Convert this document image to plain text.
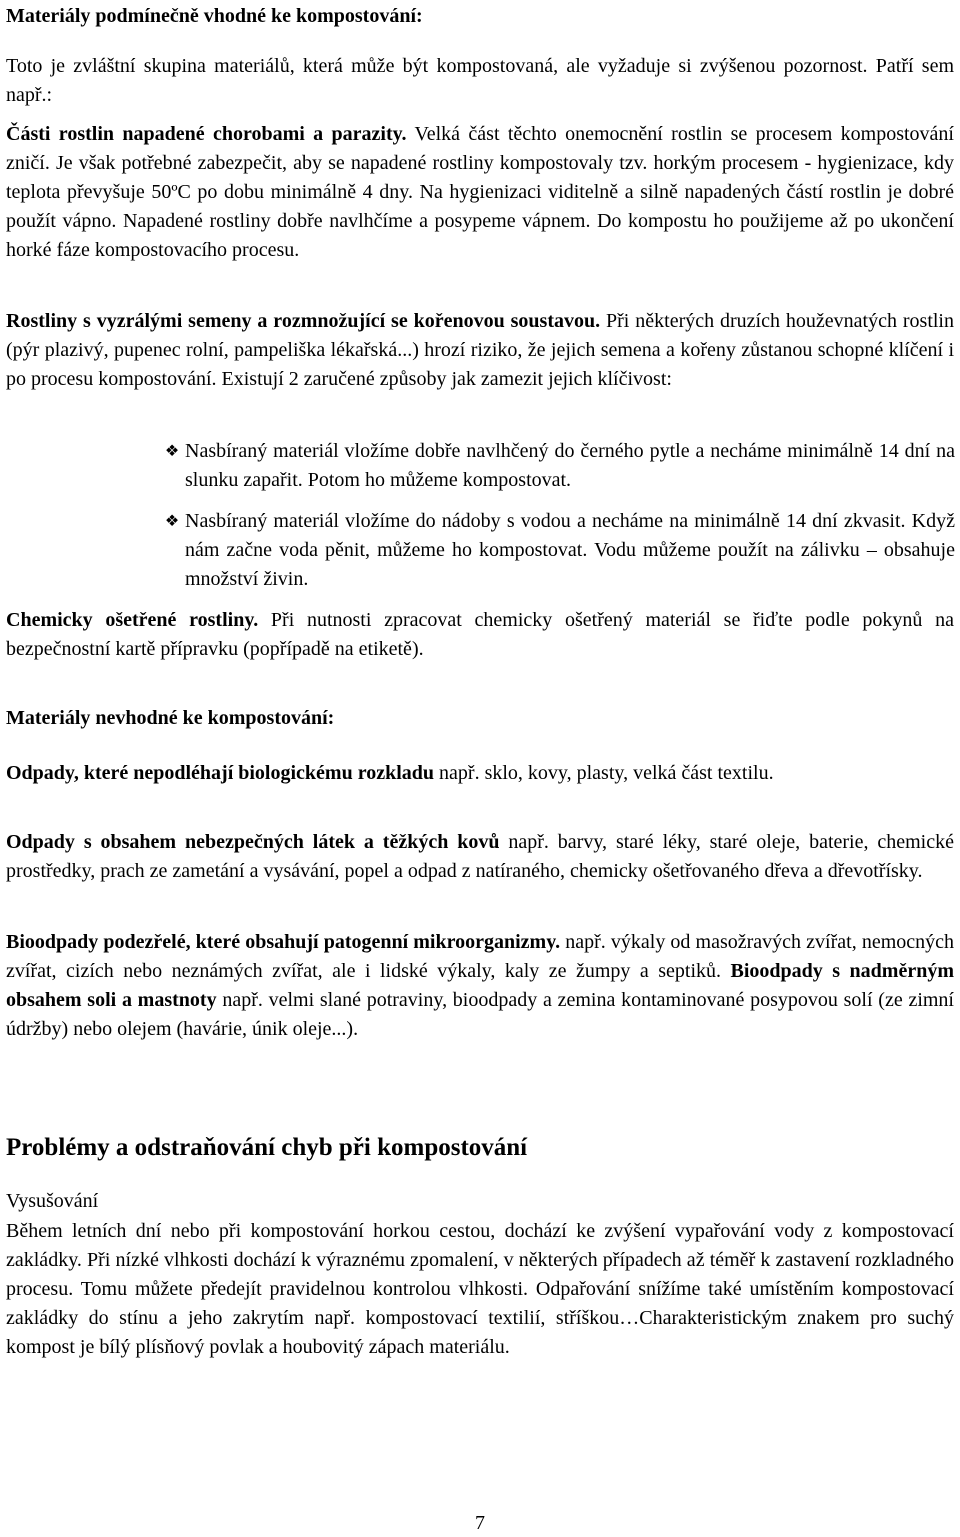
Materiály podmínečně vhodné ke kompostování:

Toto je zvláštní skupina materiálů, která může být kompostovaná, ale vyžaduje si zvýšenou pozornost. Patří sem např.:

Části rostlin napadené chorobami a parazity. Velká část těchto onemocnění rostlin se procesem kompostování zničí. Je však potřebné zabezpečit, aby se napadené rostliny kompostovaly tzv. horkým procesem - hygienizace, kdy teplota převyšuje 50ºC po dobu minimálně 4 dny. Na hygienizaci viditelně a silně napadených částí rostlin je dobré použít vápno. Napadené rostliny dobře navlhčíme a posypeme vápnem. Do kompostu ho použijeme až po ukončení horké fáze kompostovacího procesu.

Rostliny s vyzrálými semeny a rozmnožující se kořenovou soustavou. Při některých druzích houževnatých rostlin (pýr plazivý, pupenec rolní, pampeliška lékařská...) hrozí riziko, že jejich semena a kořeny zůstanou schopné klíčení i po procesu kompostování. Existují 2 zaručené způsoby jak zamezit jejich klíčivost:

❖ Nasbíraný materiál vložíme dobře navlhčený do černého pytle a necháme minimálně 14 dní na slunku zapařit. Potom ho můžeme kompostovat.

❖ Nasbíraný materiál vložíme do nádoby s vodou a necháme na minimálně 14 dní zkvasit. Když nám začne voda pěnit, můžeme ho kompostovat. Vodu můžeme použít na zálivku – obsahuje množství živin.

Chemicky ošetřené rostliny. Při nutnosti zpracovat chemicky ošetřený materiál se řiďte podle pokynů na bezpečnostní kartě přípravku (popřípadě na etiketě).

Materiály nevhodné ke kompostování:

Odpady, které nepodléhají biologickému rozkladu např. sklo, kovy, plasty, velká část textilu.

Odpady s obsahem nebezpečných látek a těžkých kovů např. barvy, staré léky, staré oleje, baterie, chemické prostředky, prach ze zametání a vysávání, popel a odpad z natíraného, chemicky ošetřovaného dřeva a dřevotřísky.

Bioodpady podezřelé, které obsahují patogenní mikroorganizmy. např. výkaly od masožravých zvířat, nemocných zvířat, cizích nebo neznámých zvířat, ale i lidské výkaly, kaly ze žumpy a septiků. Bioodpady s nadměrným obsahem soli a mastnoty např. velmi slané potraviny, bioodpady a zemina kontaminované posypovou solí (ze zimní údržby) nebo olejem (havárie, únik oleje...).

Problémy a odstraňování chyb při kompostování
Vysušování

Během letních dní nebo při kompostování horkou cestou, dochází ke zvýšení vypařování vody z kompostovací zakládky. Při nízké vlhkosti dochází k výraznému zpomalení, v některých případech až téměř k zastavení rozkladného procesu. Tomu můžete předejít pravidelnou kontrolou vlhkosti. Odpařování snížíme také umístěním kompostovací zakládky do stínu a jeho zakrytím např. kompostovací textilií, stříškou…Charakteristickým znakem pro suchý kompost je bílý plísňový povlak a houbovitý zápach materiálu.

7
